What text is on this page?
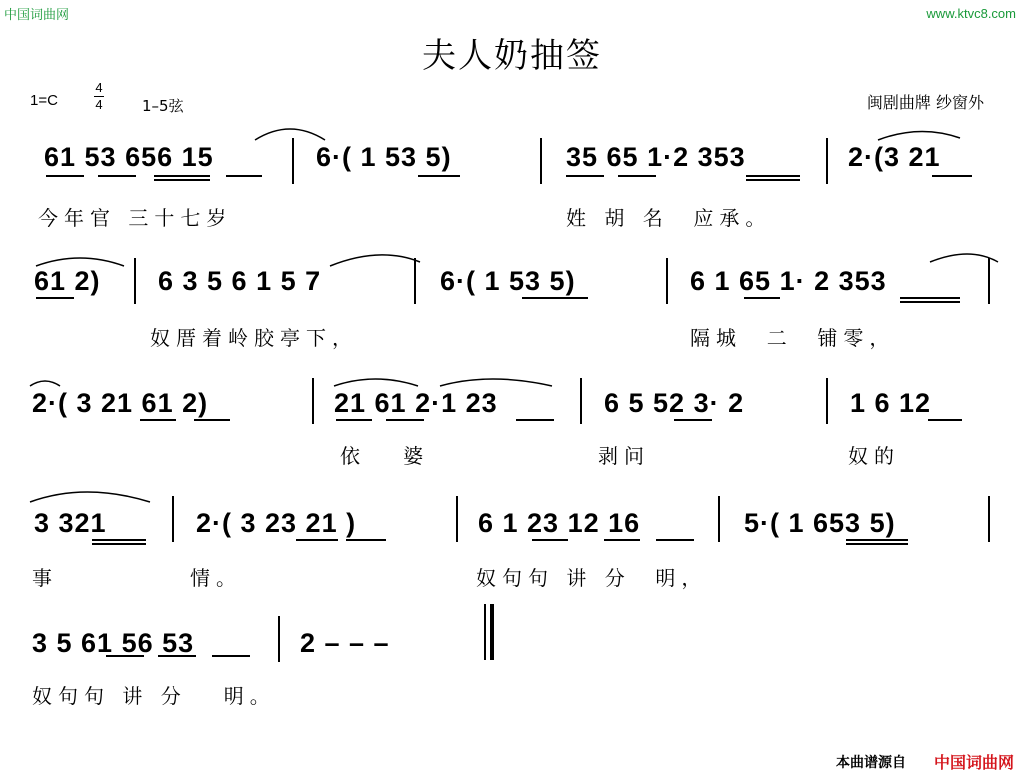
中国词曲网	www.ktvc8.com
夫人奶抽签
1=C
4
4	1–5弦	闽剧曲牌 纱窗外
61 53 656 15	6·( 1 53 5)	35 65 1·2 353	2·(3 21
今年官 三十七岁	姓 胡 名  应承。
61 2) 6 3 5 6 1 5 7	6·( 1 53 5)	6 1 65 1· 2 353
奴厝着岭胶亭下，	隔城  二  铺零，
2·( 3 21 61 2)	21 61 2·1 23	6 5 52 3· 2	1 6 12
依   婆	剥问	奴的
3 321	2·( 3 23 21 )	6 1 23 12 16	5·( 1 653 5)
事	情。	奴句句 讲 分  明，
3 5 61 56 53	2 – – –
奴句句 讲 分   明。
本曲谱源自 中国词曲网
